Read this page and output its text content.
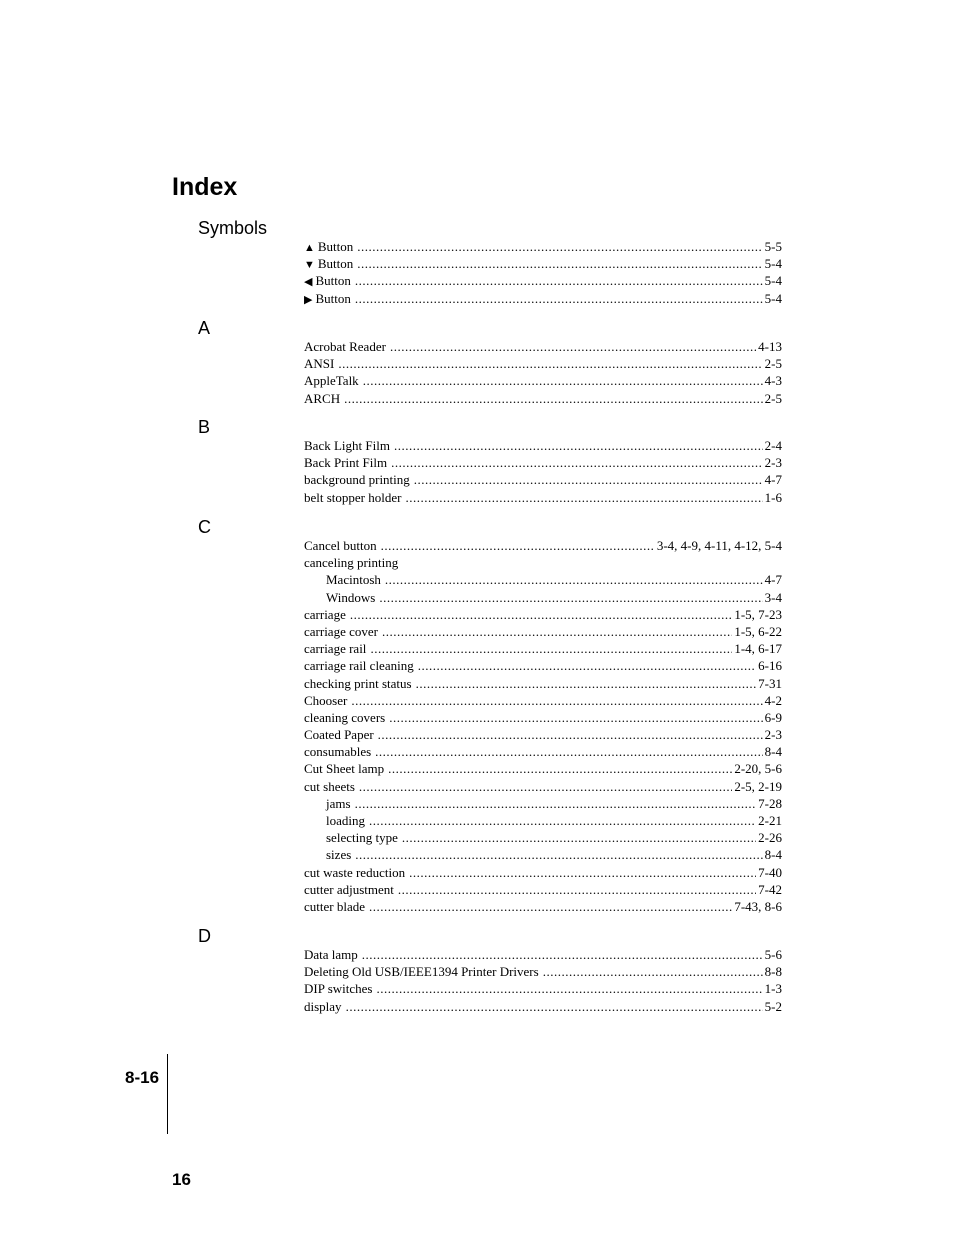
Index
Symbols
▲ Button .....	5-5
▼ Button .....	5-4
◀ Button .....	5-4
▶ Button .....	5-4
A
Acrobat Reader .....	4-13
ANSI .....	2-5
AppleTalk .....	4-3
ARCH .....	2-5
B
Back Light Film .....	2-4
Back Print Film .....	2-3
background printing .....	4-7
belt stopper holder .....	1-6
C
Cancel button .....	3-4, 4-9, 4-11, 4-12, 5-4
canceling printing
Macintosh .....	4-7
Windows .....	3-4
carriage .....	1-5, 7-23
carriage cover .....	1-5, 6-22
carriage rail .....	1-4, 6-17
carriage rail cleaning .....	6-16
checking print status .....	7-31
Chooser .....	4-2
cleaning covers .....	6-9
Coated Paper .....	2-3
consumables .....	8-4
Cut Sheet lamp .....	2-20, 5-6
cut sheets .....	2-5, 2-19
jams .....	7-28
loading .....	2-21
selecting type .....	2-26
sizes .....	8-4
cut waste reduction .....	7-40
cutter adjustment .....	7-42
cutter blade .....	7-43, 8-6
D
Data lamp .....	5-6
Deleting Old USB/IEEE1394 Printer Drivers .....	8-8
DIP switches .....	1-3
display .....	5-2
8-16
16
